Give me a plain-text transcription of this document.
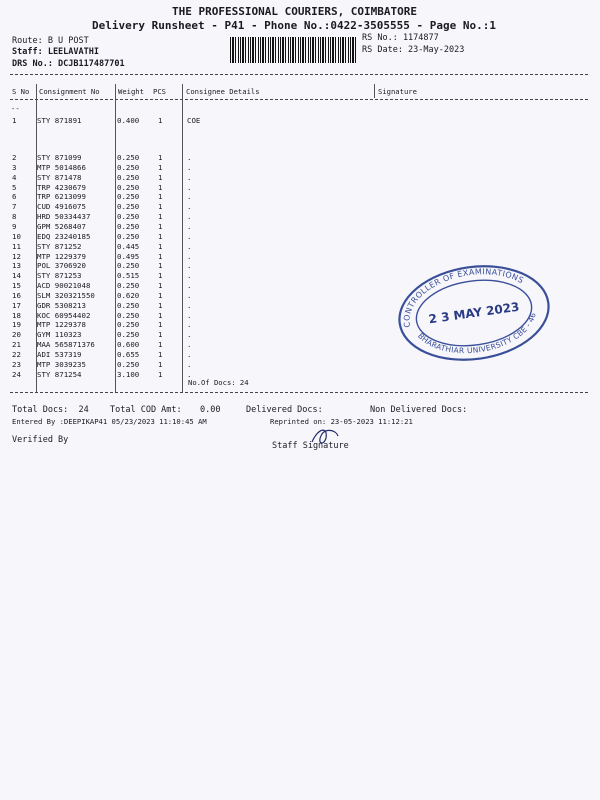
THE PROFESSIONAL COURIERS, COIMBATORE
Delivery Runsheet - P41 - Phone No.:0422-3505555 - Page No.:1
Route: B U POST
Staff: LEELAVATHI
DRS No.: DCJB117487701
RS No.: 1174877
RS Date: 23-May-2023
S No Consignment No	Weight PCS	Consignee Details	Signature
--
1	STY 871891	0.400	1	COE
2	STY 871099	0.250	1	.
3	MTP 5014866	0.250	1	.
4	STY 871478	0.250	1	.
5	TRP 4230679	0.250	1	.
6	TRP 6213099	0.250	1	.
7	CUD 4916075	0.250	1	.
8	HRD 50334437	0.250	1	.
9	GPM 5268407	0.250	1	.
10 EDQ 23240185	0.250	1	.
11 STY 871252	0.445	1	.
12 MTP 1229379	0.495	1	.
13 POL 3706920	0.250	1	.
14 STY 871253	0.515	1	.
15 ACD 90021048	0.250	1	.
16 SLM 320321550	0.620	1	.
17 GDR 5308213	0.250	1	.
18 KOC 60954402	0.250	1	.
19 MTP 1229378	0.250	1	.
20 GYM 110323	0.250	1	.
21 MAA 565871376	0.600	1	.
22 ADI 537319	0.655	1	.
23 MTP 3039235	0.250	1	.
24 STY 871254	3.100	1	.
No.Of Docs: 24
Total Docs:  24 Total COD Amt: 0.00	Delivered Docs:	Non Delivered Docs:
Entered By :DEEPIKAP41 05/23/2023 11:10:45 AM	Reprinted on: 23-05-2023 11:12:21
Verified By
Staff Signature
CONTROLLER OF EXAMINATIONS
BHARATHIAR UNIVERSITY CBE - 46
2 3 MAY 2023
